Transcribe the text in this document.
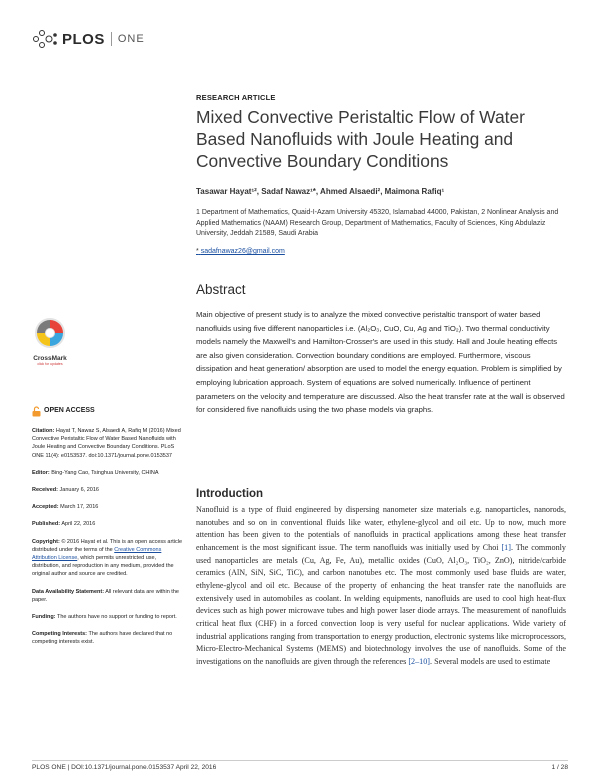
PLOS ONE
RESEARCH ARTICLE
Mixed Convective Peristaltic Flow of Water Based Nanofluids with Joule Heating and Convective Boundary Conditions
Tasawar Hayat¹², Sadaf Nawaz¹*, Ahmed Alsaedi², Maimona Rafiq¹
1 Department of Mathematics, Quaid-I-Azam University 45320, Islamabad 44000, Pakistan, 2 Nonlinear Analysis and Applied Mathematics (NAAM) Research Group, Department of Mathematics, Faculty of Sciences, King Abdulaziz University, Jeddah 21589, Saudi Arabia
* sadafnawaz26@gmail.com
Abstract
Main objective of present study is to analyze the mixed convective peristaltic transport of water based nanofluids using five different nanoparticles i.e. (Al₂O₃, CuO, Cu, Ag and TiO₂). Two thermal conductivity models namely the Maxwell's and Hamilton-Crosser's are used in this study. Hall and Joule heating effects are also given consideration. Convection boundary conditions are employed. Furthermore, viscous dissipation and heat generation/ absorption are used to model the energy equation. Problem is simplified by employing lubrication approach. System of equations are solved numerically. Influence of pertinent parameters on the velocity and temperature are discussed. Also the heat transfer rate at the wall is observed for considered five nanofluids using the two phase models via graphs.
CrossMark
click for updates
OPEN ACCESS

Citation: Hayat T, Nawaz S, Alsaedi A, Rafiq M (2016) Mixed Convective Peristaltic Flow of Water Based Nanofluids with Joule Heating and Convective Boundary Conditions. PLoS ONE 11(4): e0153537. doi:10.1371/journal.pone.0153537

Editor: Bing-Yang Cao, Tsinghua University, CHINA

Received: January 6, 2016

Accepted: March 17, 2016

Published: April 22, 2016

Copyright: © 2016 Hayat et al. This is an open access article distributed under the terms of the Creative Commons Attribution License, which permits unrestricted use, distribution, and reproduction in any medium, provided the original author and source are credited.

Data Availability Statement: All relevant data are within the paper.

Funding: The authors have no support or funding to report.

Competing Interests: The authors have declared that no competing interests exist.

Introduction
Nanofluid is a type of fluid engineered by dispersing nanometer size materials e.g. nanoparticles, nanorods, nanotubes and so on in conventional fluids like water, ethylene-glycol and oil etc. Up to now, much more attention has been given to the potentials of nanofluids in practical applications among these heat transfer enhancement is the most significant issue. The term nanofluids was initially used by Choi [1]. The commonly used nanoparticles are metals (Cu, Ag, Fe, Au), metallic oxides (CuO, Al₂O₃, TiO₂, ZnO), nitride/carbide ceramics (AlN, SiN, SiC, TiC), and carbon nanotubes etc. The most commonly used base fluids are water, ethylene-glycol and oil etc. Because of the property of enhancing the heat transfer rate the nanofluids are extensively used in automobiles as coolant. In welding equipments, nanofluids are used to cool high heat-flux devices such as high power microwave tubes and high power laser diode arrays. The measurement of nanofluids critical heat flux (CHF) in a forced convection loop is very useful for nuclear applications. Wide variety of industrial applications ranging from transportation to energy production, electronic systems like microprocessors, Micro-Electro-Mechanical Systems (MEMS) and biotechnology involves the use of nanofluids. Some of the investigations on the nanofluids are given through the references [2–10]. Several models are used to estimate
PLOS ONE | DOI:10.1371/journal.pone.0153537 April 22, 2016	1 / 28
